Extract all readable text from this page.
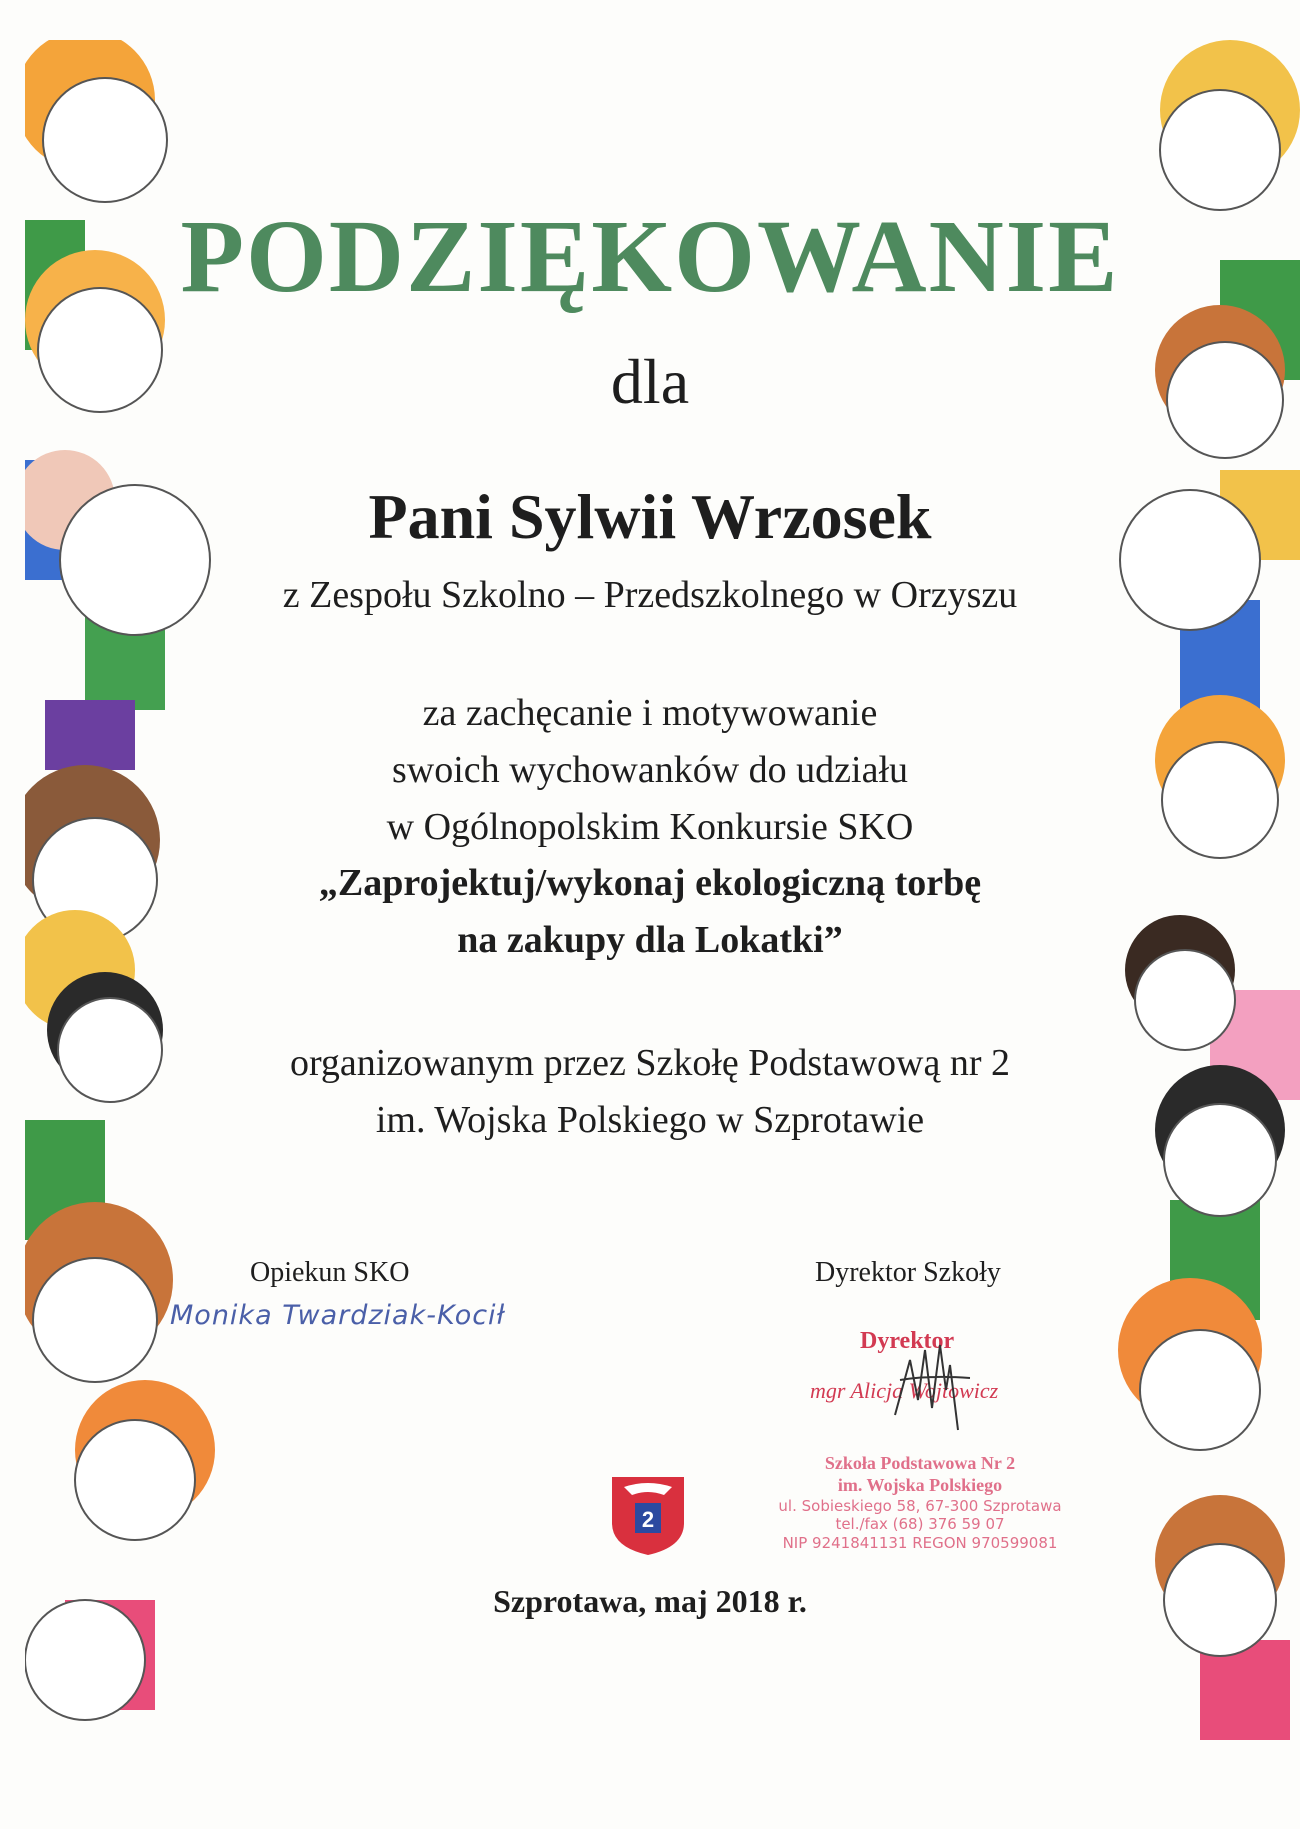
PODZIĘKOWANIE
dla
Pani Sylwii Wrzosek
z Zespołu Szkolno – Przedszkolnego w Orzyszu
za zachęcanie i motywowanie
swoich wychowanków do udziału
w Ogólnopolskim Konkursie SKO
„Zaprojektuj/wykonaj ekologiczną torbę
na zakupy dla Lokatki”
organizowanym przez Szkołę Podstawową nr 2
im. Wojska Polskiego w Szprotawie
Opiekun SKO
Monika Twardziak-Kocił
Dyrektor Szkoły
Dyrektor
mgr Alicja Wojtowicz
2
Szkoła Podstawowa Nr 2
im. Wojska Polskiego
ul. Sobieskiego 58, 67-300 Szprotawa
tel./fax (68) 376 59 07
NIP 9241841131 REGON 970599081
Szprotawa, maj 2018 r.
